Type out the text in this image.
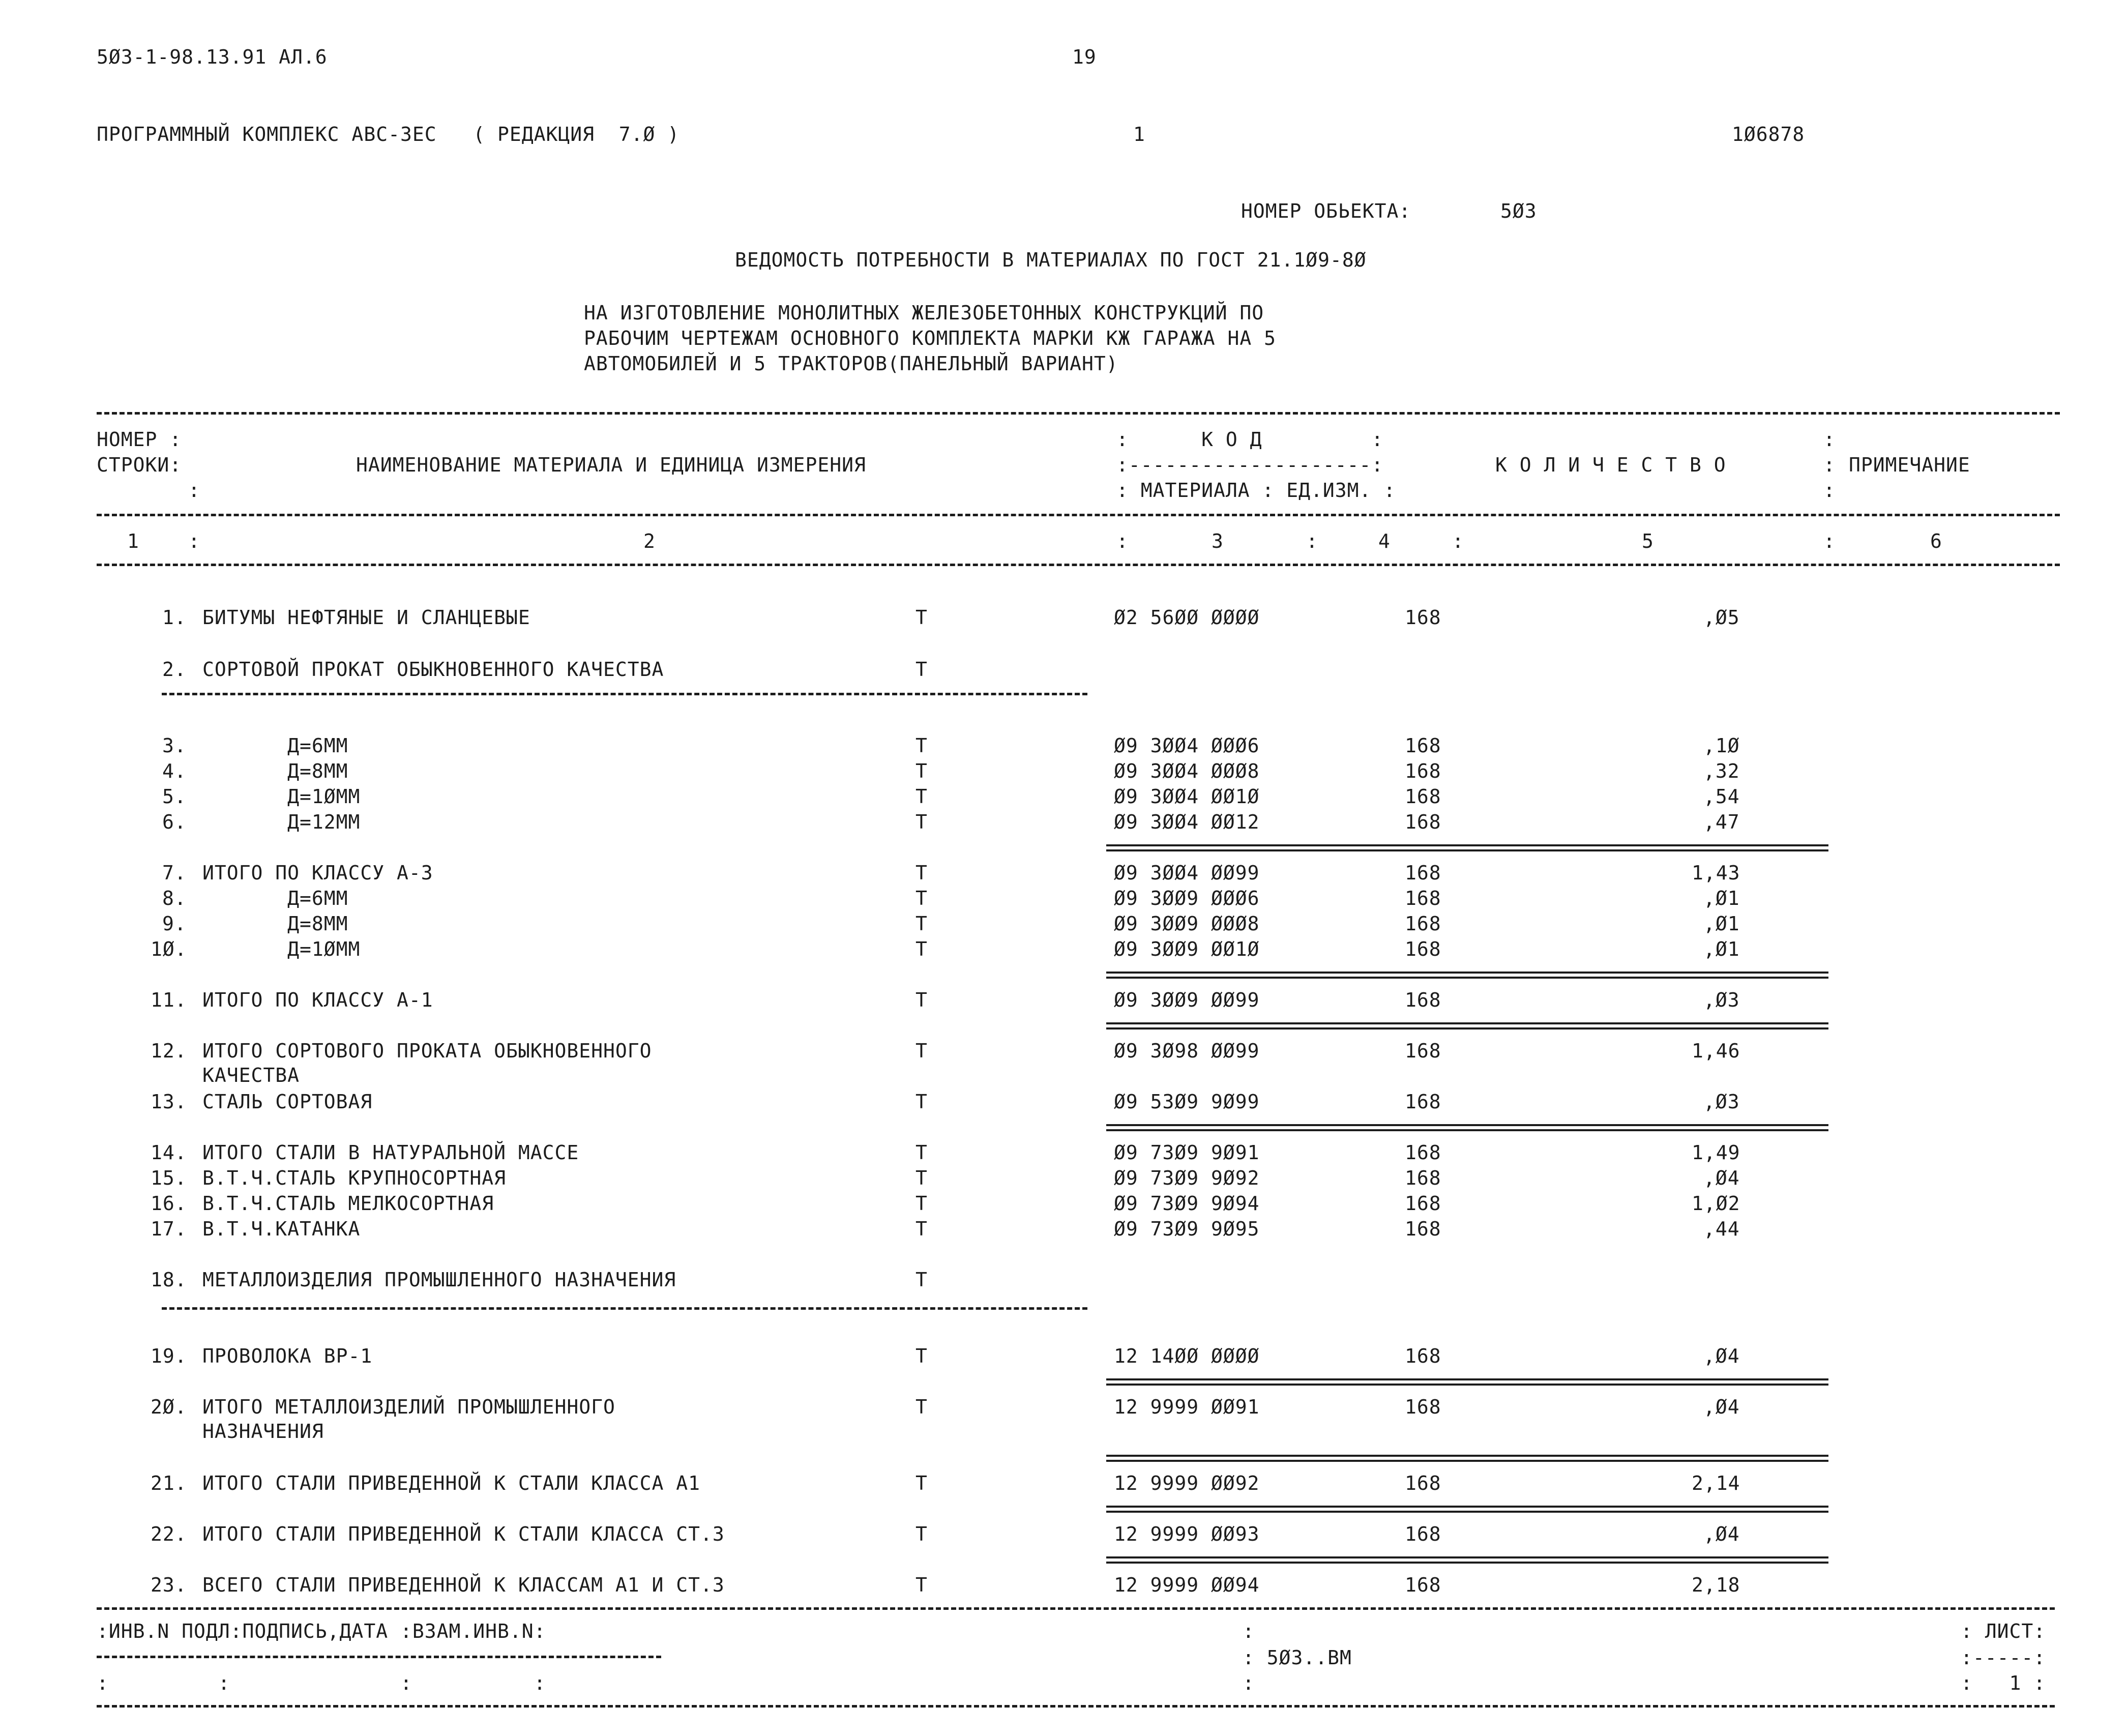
5Ø3-1-98.13.91 АЛ.6	19
ПРОГРАММНЫЙ КОМПЛЕКС АВС-3ЕС   ( РЕДАКЦИЯ  7.Ø )	1	1Ø6878
НОМЕР ОБЬЕКТА:	5Ø3
ВЕДОМОСТЬ ПОТРЕБНОСТИ В МАТЕРИАЛАХ ПО ГОСТ 21.1Ø9-8Ø
НА ИЗГОТОВЛЕНИЕ МОНОЛИТНЫХ ЖЕЛЕЗОБЕТОННЫХ КОНСТРУКЦИЙ ПО
РАБОЧИМ ЧЕРТЕЖАМ ОСНОВНОГО КОМПЛЕКТА МАРКИ КЖ ГАРАЖА НА 5
АВТОМОБИЛЕЙ И 5 ТРАКТОРОВ(ПАНЕЛЬНЫЙ ВАРИАНТ)
НОМЕР :
СТРОКИ:
:
НАИМЕНОВАНИЕ МАТЕРИАЛА И ЕДИНИЦА ИЗМЕРЕНИЯ
:      К О Д         :
:--------------------:
: МАТЕРИАЛА : ЕД.ИЗМ. :
К О Л И Ч Е С Т В О
:
:
:
ПРИМЕЧАНИЕ
1	:	2	:	3	:	4	:	5	:	6
1. БИТУМЫ НЕФТЯНЫЕ И СЛАНЦЕВЫЕ	Т	Ø2 56ØØ ØØØØ	168	,Ø5
2. СОРТОВОЙ ПРОКАТ ОБЫКНОВЕННОГО КАЧЕСТВА	Т
3. Д=6ММ	Т	Ø9 3ØØ4 ØØØ6	168	,1Ø
4. Д=8ММ	Т	Ø9 3ØØ4 ØØØ8	168	,32
5. Д=1ØММ	Т	Ø9 3ØØ4 ØØ1Ø	168	,54
6. Д=12ММ	Т	Ø9 3ØØ4 ØØ12	168	,47
7. ИТОГО ПО КЛАССУ А-3	Т	Ø9 3ØØ4 ØØ99	168	1,43
8. Д=6ММ	Т	Ø9 3ØØ9 ØØØ6	168	,Ø1
9. Д=8ММ	Т	Ø9 3ØØ9 ØØØ8	168	,Ø1
1Ø. Д=1ØММ	Т	Ø9 3ØØ9 ØØ1Ø	168	,Ø1
11. ИТОГО ПО КЛАССУ А-1	Т	Ø9 3ØØ9 ØØ99	168	,Ø3
12. ИТОГО СОРТОВОГО ПРОКАТА ОБЫКНОВЕННОГО	Т	Ø9 3Ø98 ØØ99	168	1,46
КАЧЕСТВА
13. СТАЛЬ СОРТОВАЯ	Т	Ø9 53Ø9 9Ø99	168	,Ø3
14. ИТОГО СТАЛИ В НАТУРАЛЬНОЙ МАССЕ	Т	Ø9 73Ø9 9Ø91	168	1,49
15. В.Т.Ч.СТАЛЬ КРУПНОСОРТНАЯ	Т	Ø9 73Ø9 9Ø92	168	,Ø4
16. В.Т.Ч.СТАЛЬ МЕЛКОСОРТНАЯ	Т	Ø9 73Ø9 9Ø94	168	1,Ø2
17. В.Т.Ч.КАТАНКА	Т	Ø9 73Ø9 9Ø95	168	,44
18. МЕТАЛЛОИЗДЕЛИЯ ПРОМЫШЛЕННОГО НАЗНАЧЕНИЯ	Т
19. ПРОВОЛОКА ВР-1	Т	12 14ØØ ØØØØ	168	,Ø4
2Ø. ИТОГО МЕТАЛЛОИЗДЕЛИЙ ПРОМЫШЛЕННОГО	Т	12 9999 ØØ91	168	,Ø4
НАЗНАЧЕНИЯ
21. ИТОГО СТАЛИ ПРИВЕДЕННОЙ К СТАЛИ КЛАССА А1	Т	12 9999 ØØ92	168	2,14
22. ИТОГО СТАЛИ ПРИВЕДЕННОЙ К СТАЛИ КЛАССА СТ.3	Т	12 9999 ØØ93	168	,Ø4
23. ВСЕГО СТАЛИ ПРИВЕДЕННОЙ К КЛАССАМ А1 И СТ.3	Т	12 9999 ØØ94	168	2,18
:ИНВ.N ПОДЛ:ПОДПИСЬ,ДАТА :ВЗАМ.ИНВ.N:
:         :              :          :
:
: 5Ø3..ВМ
:
: ЛИСТ:
:-----:
:   1 :
